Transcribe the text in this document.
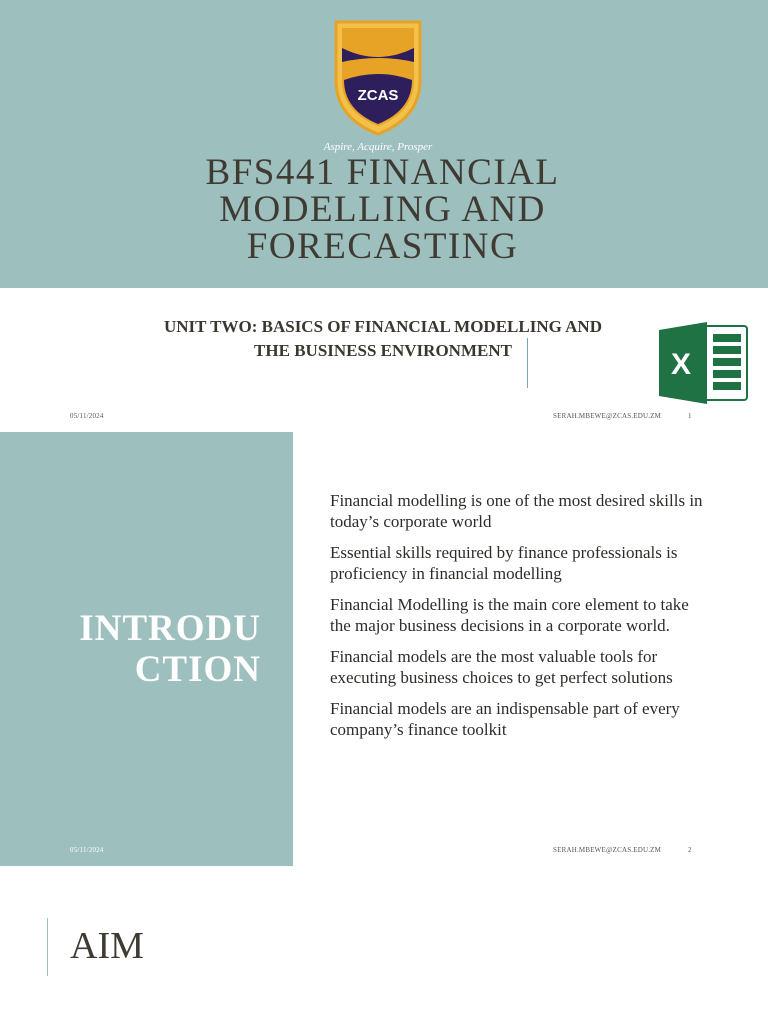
ZCAS
Aspire, Acquire, Prosper
BFS441 FINANCIAL
MODELLING AND
FORECASTING
UNIT TWO: BASICS OF FINANCIAL MODELLING AND
THE BUSINESS ENVIRONMENT	X
05/11/2024	SERAH.MBEWE@ZCAS.EDU.ZM	1
INTRODU
CTION
Financial modelling is one of the most desired skills in today’s corporate world
Essential skills required by finance professionals is proficiency in financial modelling
Financial Modelling is the main core element to take the major business decisions in a corporate world.
Financial models are the most valuable tools for executing business choices to get perfect solutions
Financial models are an indispensable part of every company’s finance toolkit
05/11/2024	SERAH.MBEWE@ZCAS.EDU.ZM	2
AIM
